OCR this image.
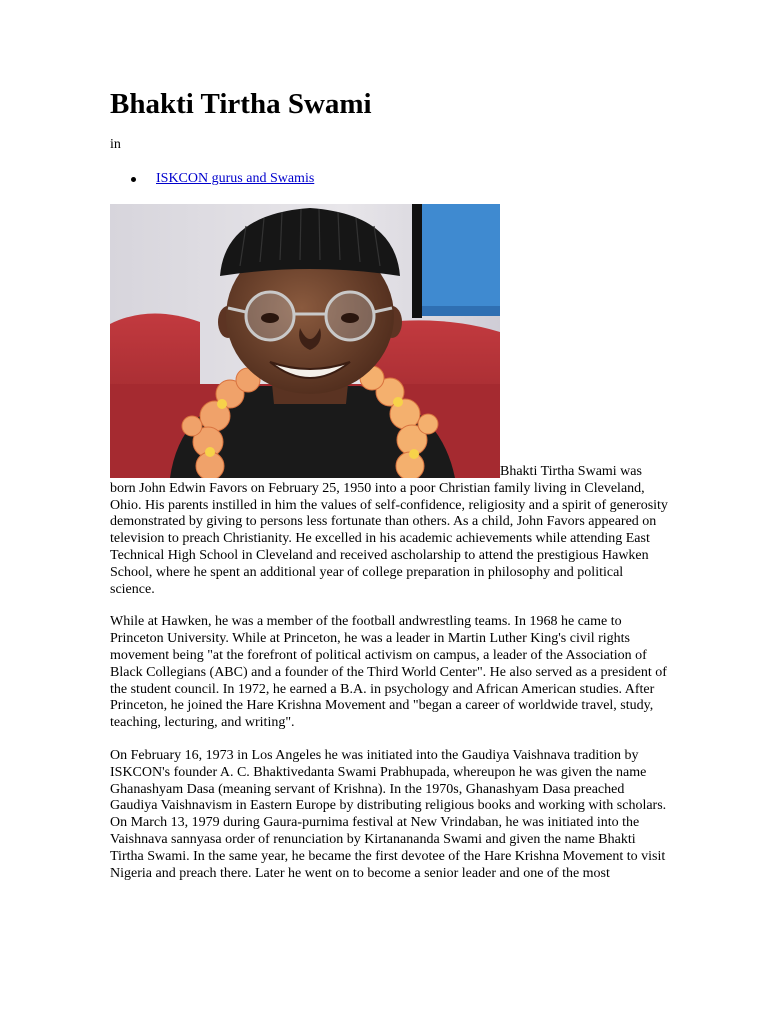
Bhakti Tirtha Swami
in
ISKCON gurus and Swamis

Bhakti Tirtha Swami was born John Edwin Favors on February 25, 1950 into a poor Christian family living in Cleveland, Ohio. His parents instilled in him the values of self-confidence, religiosity and a spirit of generosity demonstrated by giving to persons less fortunate than others. As a child, John Favors appeared on television to preach Christianity. He excelled in his academic achievements while attending East Technical High School in Cleveland and received ascholarship to attend the prestigious Hawken School, where he spent an additional year of college preparation in philosophy and political science.

While at Hawken, he was a member of the football andwrestling teams. In 1968 he came to Princeton University. While at Princeton, he was a leader in Martin Luther King's civil rights movement being "at the forefront of political activism on campus, a leader of the Association of Black Collegians (ABC) and a founder of the Third World Center". He also served as a president of the student council. In 1972, he earned a B.A. in psychology and African American studies. After Princeton, he joined the Hare Krishna Movement and "began a career of worldwide travel, study, teaching, lecturing, and writing".

On February 16, 1973 in Los Angeles he was initiated into the Gaudiya Vaishnava tradition by ISKCON's founder A. C. Bhaktivedanta Swami Prabhupada, whereupon he was given the name Ghanashyam Dasa (meaning servant of Krishna). In the 1970s, Ghanashyam Dasa preached Gaudiya Vaishnavism in Eastern Europe by distributing religious books and working with scholars. On March 13, 1979 during Gaura-purnima festival at New Vrindaban, he was initiated into the Vaishnava sannyasa order of renunciation by Kirtanananda Swami and given the name Bhakti Tirtha Swami. In the same year, he became the first devotee of the Hare Krishna Movement to visit Nigeria and preach there. Later he went on to become a senior leader and one of the most
